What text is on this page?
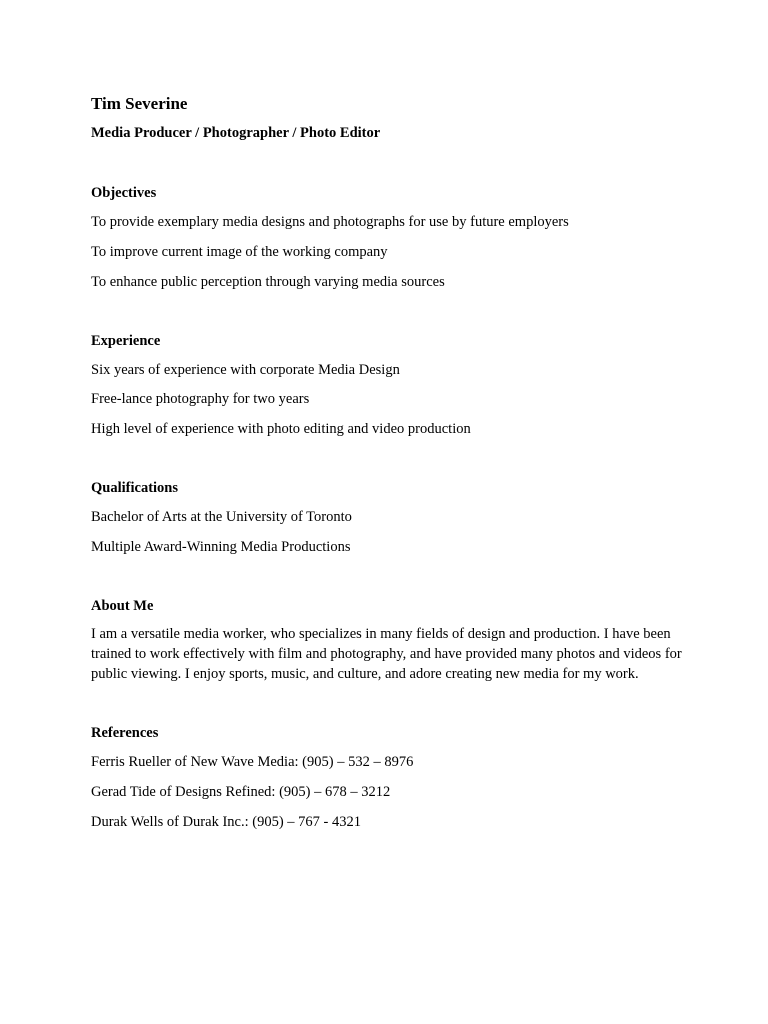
Tim Severine
Media Producer / Photographer / Photo Editor
Objectives
To provide exemplary media designs and photographs for use by future employers
To improve current image of the working company
To enhance public perception through varying media sources
Experience
Six years of experience with corporate Media Design
Free-lance photography for two years
High level of experience with photo editing and video production
Qualifications
Bachelor of Arts at the University of Toronto
Multiple Award-Winning Media Productions
About Me

I am a versatile media worker, who specializes in many fields of design and production. I have been trained to work effectively with film and photography, and have provided many photos and videos for public viewing. I enjoy sports, music, and culture, and adore creating new media for my work.

References
Ferris Rueller of New Wave Media: (905) – 532 – 8976
Gerad Tide of Designs Refined: (905) – 678 – 3212
Durak Wells of Durak Inc.: (905) – 767 - 4321
